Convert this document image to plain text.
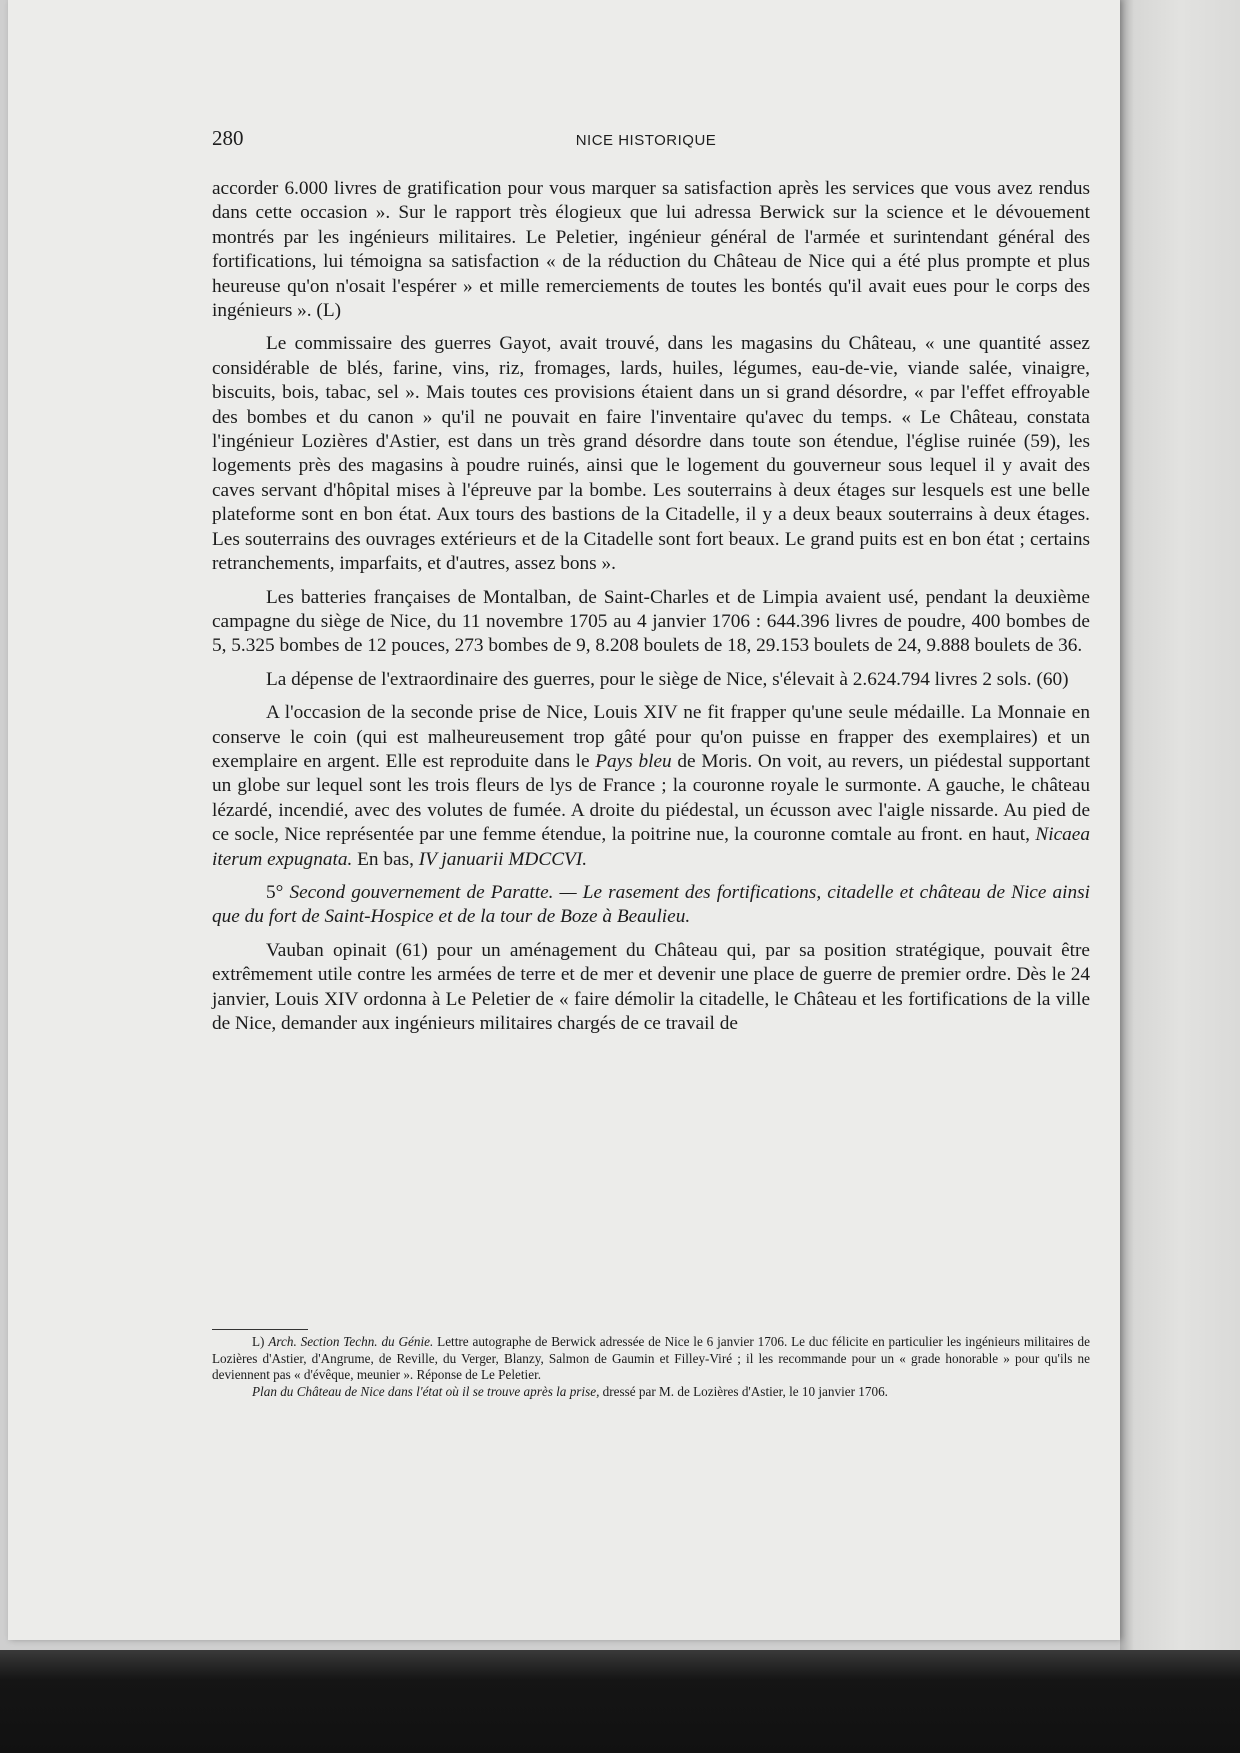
280	NICE HISTORIQUE

accorder 6.000 livres de gratification pour vous marquer sa satisfaction après les services que vous avez rendus dans cette occasion ». Sur le rapport très élogieux que lui adressa Berwick sur la science et le dévouement montrés par les ingénieurs militaires. Le Peletier, ingénieur général de l'armée et surintendant général des fortifications, lui témoigna sa satisfaction « de la réduction du Château de Nice qui a été plus prompte et plus heureuse qu'on n'osait l'espérer » et mille remerciements de toutes les bontés qu'il avait eues pour le corps des ingénieurs ». (L)

Le commissaire des guerres Gayot, avait trouvé, dans les magasins du Château, « une quantité assez considérable de blés, farine, vins, riz, fromages, lards, huiles, légumes, eau-de-vie, viande salée, vinaigre, biscuits, bois, tabac, sel ». Mais toutes ces provisions étaient dans un si grand désordre, « par l'effet effroyable des bombes et du canon » qu'il ne pouvait en faire l'inventaire qu'avec du temps. « Le Château, constata l'ingénieur Lozières d'Astier, est dans un très grand désordre dans toute son étendue, l'église ruinée (59), les logements près des magasins à poudre ruinés, ainsi que le logement du gouverneur sous lequel il y avait des caves servant d'hôpital mises à l'épreuve par la bombe. Les souterrains à deux étages sur lesquels est une belle plateforme sont en bon état. Aux tours des bastions de la Citadelle, il y a deux beaux souterrains à deux étages. Les souterrains des ouvrages extérieurs et de la Citadelle sont fort beaux. Le grand puits est en bon état ; certains retranchements, imparfaits, et d'autres, assez bons ».

Les batteries françaises de Montalban, de Saint-Charles et de Limpia avaient usé, pendant la deuxième campagne du siège de Nice, du 11 novembre 1705 au 4 janvier 1706 : 644.396 livres de poudre, 400 bombes de 5, 5.325 bombes de 12 pouces, 273 bombes de 9, 8.208 boulets de 18, 29.153 boulets de 24, 9.888 boulets de 36.

La dépense de l'extraordinaire des guerres, pour le siège de Nice, s'élevait à 2.624.794 livres 2 sols. (60)

A l'occasion de la seconde prise de Nice, Louis XIV ne fit frapper qu'une seule médaille. La Monnaie en conserve le coin (qui est malheureusement trop gâté pour qu'on puisse en frapper des exemplaires) et un exemplaire en argent. Elle est reproduite dans le Pays bleu de Moris. On voit, au revers, un piédestal supportant un globe sur lequel sont les trois fleurs de lys de France ; la couronne royale le surmonte. A gauche, le château lézardé, incendié, avec des volutes de fumée. A droite du piédestal, un écusson avec l'aigle nissarde. Au pied de ce socle, Nice représentée par une femme étendue, la poitrine nue, la couronne comtale au front. en haut, Nicaea iterum expugnata. En bas, IV januarii MDCCVI.

5° Second gouvernement de Paratte. — Le rasement des fortifications, citadelle et château de Nice ainsi que du fort de Saint-Hospice et de la tour de Boze à Beaulieu.

Vauban opinait (61) pour un aménagement du Château qui, par sa position stratégique, pouvait être extrêmement utile contre les armées de terre et de mer et devenir une place de guerre de premier ordre. Dès le 24 janvier, Louis XIV ordonna à Le Peletier de « faire démolir la citadelle, le Château et les fortifications de la ville de Nice, demander aux ingénieurs militaires chargés de ce travail de

L) Arch. Section Techn. du Génie. Lettre autographe de Berwick adressée de Nice le 6 janvier 1706. Le duc félicite en particulier les ingénieurs militaires de Lozières d'Astier, d'Angrume, de Reville, du Verger, Blanzy, Salmon de Gaumin et Filley-Viré ; il les recommande pour un « grade honorable » pour qu'ils ne deviennent pas « d'évêque, meunier ». Réponse de Le Peletier.

Plan du Château de Nice dans l'état où il se trouve après la prise, dressé par M. de Lozières d'Astier, le 10 janvier 1706.
